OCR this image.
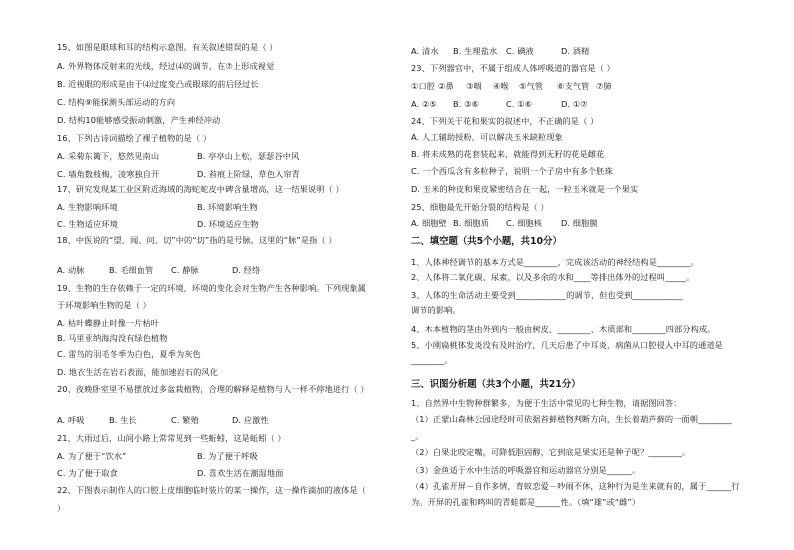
15、如图是眼球和耳的结构示意图。有关叙述错误的是（ ）
A. 外界物体反射来的光线，经过⑷的调节，在⑦上形成视觉
B. 近视眼的形成是由于⑷过度变凸或眼球的前后径过长
C. 结构⑨能探测头部运动的方向
D. 结构10能够感受振动刺激，产生神经冲动
16、下列古诗词描绘了裸子植物的是（ ）
A. 采菊东篱下，悠然见南山	B. 亭亭山上松，瑟瑟谷中风
C. 墙角数枝梅，凌寒独自开	D. 苔痕上阶绿，草色入帘青
17、研究发现某工业区附近海域的海蛇蛇皮中碑含量增高，这一结果说明（ ）
A. 生物影响环境	B. 环境影响生物
C. 生物适应环境	D. 环境适应生物
18、中医说的“望、闻、问、切”中的“切”指的是号脉，这里的“脉”是指（ ）
A. 动脉	B. 毛细血管 C. 静脉	D. 经络
19、生物的生存依赖于一定的环境，环境的变化会对生物产生各种影响。下列现象属
于环境影响生物的是（ ）
A. 枯叶蝶静止时像一片枯叶
B. 马里亚纳海沟没有绿色植物
C. 雷鸟的羽毛冬季为白色，夏季为灰色
D. 地衣生活在岩石表面，能加速岩石的风化
20、夜晚卧室里不易摆放过多盆栽植物，合理的解释是植物与人一样不停地进行（ ）
A. 呼吸	B. 生长	C. 繁殖	D. 应激性
21、大雨过后，山间小路上常常见到一些蚯蚓，这是蚯蚓（ ）
A. 为了便于“饮水”	B. 为了便于呼吸
C. 为了便于取食	D. 喜欢生活在潮湿地面
22、下图表示制作人的口腔上皮细胞临时装片的某一操作，这一操作滴加的液体是（
）
A. 清水 B. 生理盐水 C. 碘液	D. 酒精
23、下列器官中，不属于组成人体呼吸道的器官是（ ）
①口腔 ②鼻 ③咽 ④喉 ⑤气管 ⑥支气管 ⑦肺
A. ②⑤ B. ③⑥	C. ①⑥	D. ①⑦
24、下列关于花和果实的叙述中，不正确的是（ ）
A. 人工辅助授粉，可以解决玉米缺粒现象
B. 将未成熟的花套装起来，就能得到无籽的花是雌花
C. 一个西瓜含有多粒种子，说明一个子房中有多个胚珠
D. 玉米的种皮和果皮紧密结合在一起，一粒玉米就是一个果实
25、细胞最先开始分裂的结构是（ ）
A. 细胞壁 B. 细胞质 C. 细胞核 D. 细胞膜
二、填空题（共5个小题，共10分）
1、人体神经调节的基本方式是________，完成该活动的神经结构是________。
2、人体将二氧化碳、尿素，以及多余的水和____等排出体外的过程叫_____。
3、人体的生命活动主要受到____________的调节，但也受到____________
调节的影响。
4、木本植物的茎由外到内一般由树皮、________、木质部和________四部分构成。
5、小刚扁桃体发炎没有及时治疗，几天后患了中耳炎，病菌从口腔侵入中耳的通道是
________。
三、识图分析题（共3个小题，共21分）
1、自然界中生物种群繁多，为便于生活中常见的七种生物，请据图回答：
（1）正蒙山森林公园途经时可依据苔藓植物判断方向，生长着葫芦藓的一面朝________
_。
（2）白果北咬定嘴，可降低胆固醇，它到底是果实还是种子呢？________。
（3）金鱼适于水中生活的呼吸器官和运动器官分别是______。
（4）孔雀开屏－自作多情，育蚊恋爱－吵闹不休，这种行为是生来就有的，属于______行
为。开屏的孔雀和鸣叫的青蛙都是______性。（填“雄”或“雌”）
